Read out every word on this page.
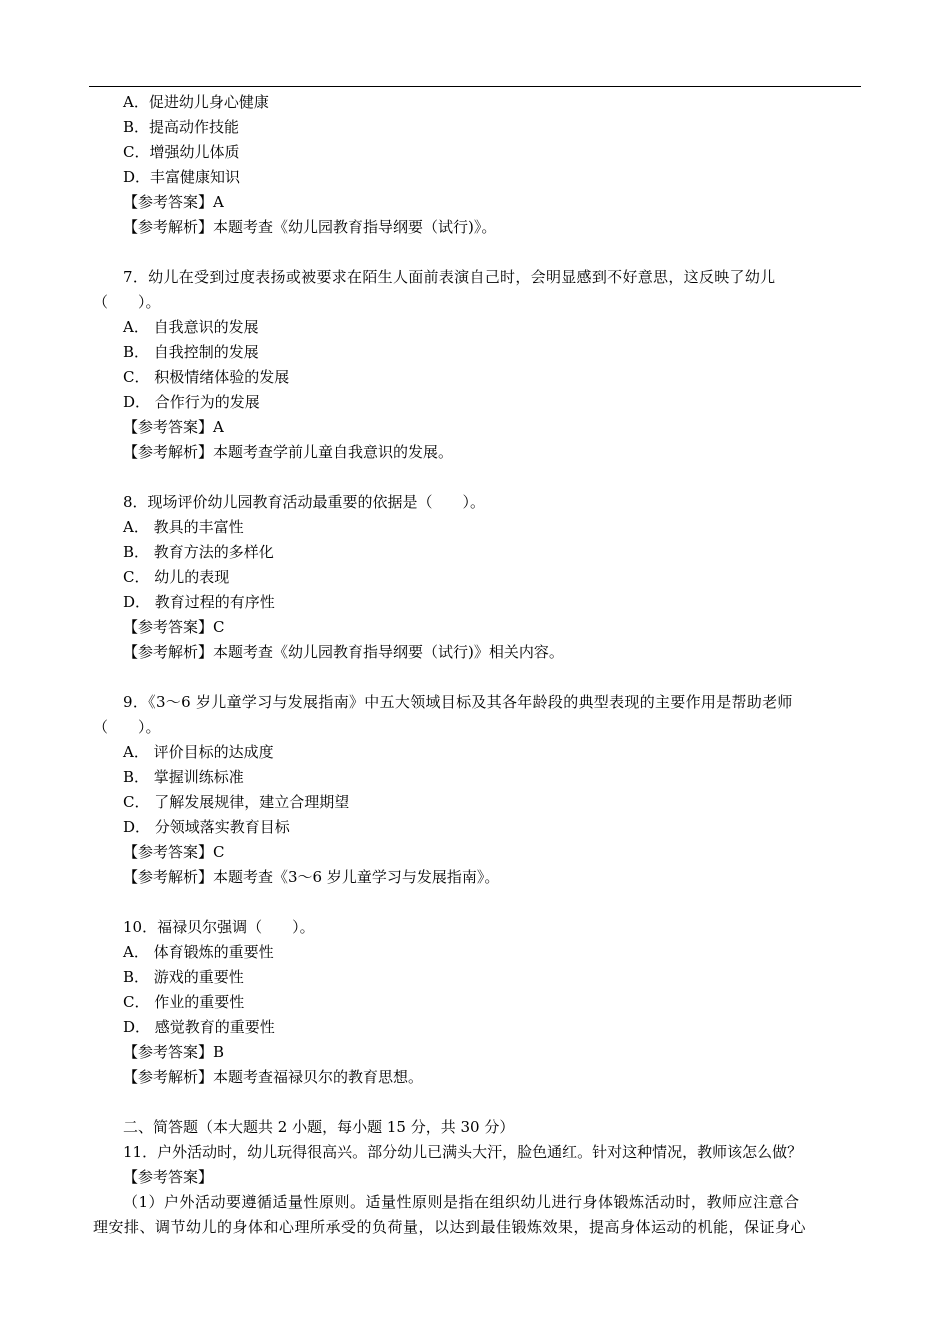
A．促进幼儿身心健康
B．提高动作技能
C．增强幼儿体质
D．丰富健康知识
【参考答案】A
【参考解析】本题考查《幼儿园教育指导纲要（试行)》。
7．幼儿在受到过度表扬或被要求在陌生人面前表演自己时，会明显感到不好意思，这反映了幼儿
（　　）。
A． 自我意识的发展
B． 自我控制的发展
C． 积极情绪体验的发展
D． 合作行为的发展
【参考答案】A
【参考解析】本题考查学前儿童自我意识的发展。
8．现场评价幼儿园教育活动最重要的依据是（　　）。
A． 教具的丰富性
B． 教育方法的多样化
C． 幼儿的表现
D． 教育过程的有序性
【参考答案】C
【参考解析】本题考查《幼儿园教育指导纲要（试行)》相关内容。
9．《3～6 岁儿童学习与发展指南》中五大领域目标及其各年龄段的典型表现的主要作用是帮助老师
（　　）。
A． 评价目标的达成度
B． 掌握训练标准
C． 了解发展规律，建立合理期望
D． 分领域落实教育目标
【参考答案】C
【参考解析】本题考查《3～6 岁儿童学习与发展指南》。
10．福禄贝尔强调（　　）。
A． 体育锻炼的重要性
B． 游戏的重要性
C． 作业的重要性
D． 感觉教育的重要性
【参考答案】B
【参考解析】本题考查福禄贝尔的教育思想。
二、简答题（本大题共 2 小题，每小题 15 分，共 30 分）
11．户外活动时，幼儿玩得很高兴。部分幼儿已满头大汗，脸色通红。针对这种情况，教师该怎么做？
【参考答案】
（1）户外活动要遵循适量性原则。适量性原则是指在组织幼儿进行身体锻炼活动时，教师应注意合
理安排、调节幼儿的身体和心理所承受的负荷量，以达到最佳锻炼效果，提高身体运动的机能，保证身心
